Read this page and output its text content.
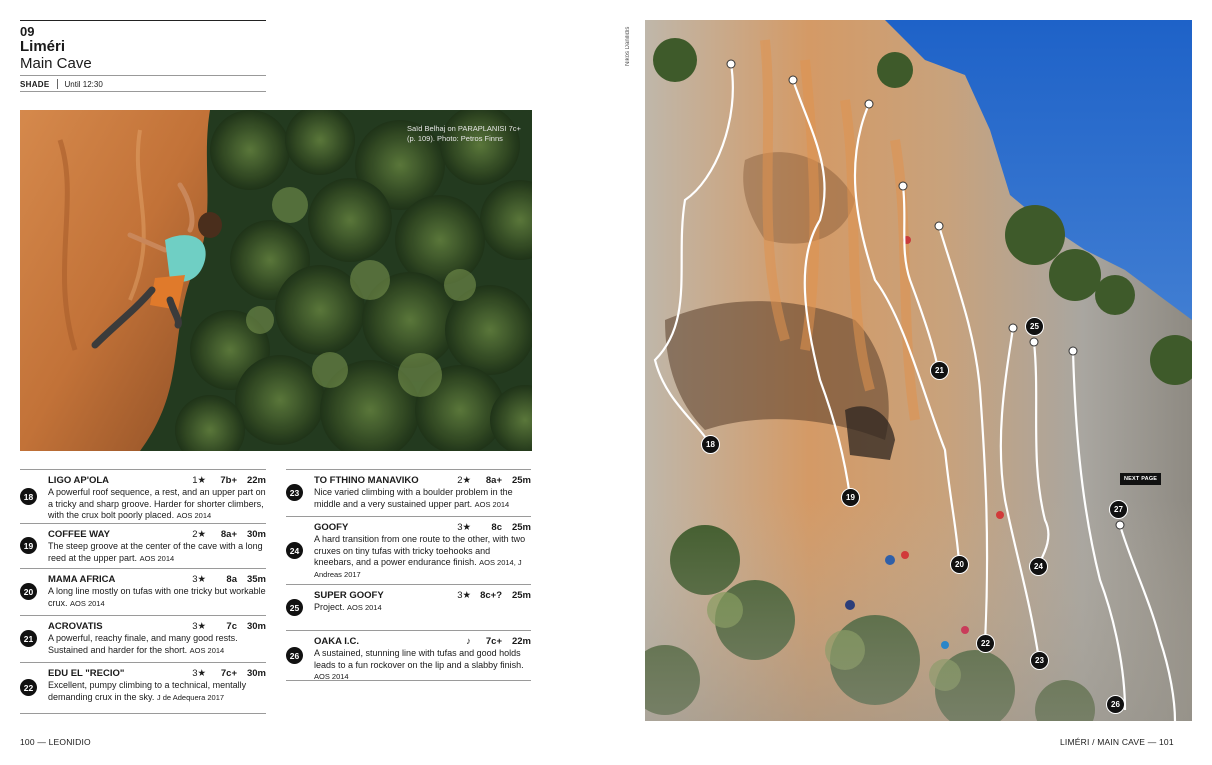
09
Liméri
Main Cave
SHADE Until 12:30
Saïd Belhaj on PARAPLANISI 7c+ (p. 109). Photo: Petros Finns
18
LIGO AP'OLA	1★ 7b+ 22m
A powerful roof sequence, a rest, and an upper part on a tricky and sharp groove. Harder for shorter climbers, with the crux bolt poorly placed. AOS 2014
19
COFFEE WAY	2★ 8a+ 30m
The steep groove at the center of the cave with a long reed at the upper part. AOS 2014
20
MAMA AFRICA	3★ 8a 35m
A long line mostly on tufas with one tricky but workable crux. AOS 2014
21
ACROVATIS	3★ 7c 30m
A powerful, reachy finale, and many good rests. Sustained and harder for the short. AOS 2014
22
EDU EL "RECIO"	3★ 7c+ 30m
Excellent, pumpy climbing to a technical, mentally demanding crux in the sky. J de Adequera 2017
23
TO FTHINO MANAVIKO	2★ 8a+ 25m
Nice varied climbing with a boulder problem in the middle and a very sustained upper part. AOS 2014
24
GOOFY	3★ 8c 25m
A hard transition from one route to the other, with two cruxes on tiny tufas with tricky toehooks and kneebars, and a power endurance finish. AOS 2014, J Andreas 2017
25
SUPER GOOFY	3★ 8c+? 25m
Project. AOS 2014
26
OAKA I.C.	♪ 7c+ 22m
A sustained, stunning line with tufas and good holds leads to a fun rockover on the lip and a slabby finish. AOS 2014
100 — LEONIDIO	LIMÉRI / MAIN CAVE — 101
Nikos Danilidis
18
19
20
21
22
23
24
25
26
27
NEXT PAGE
